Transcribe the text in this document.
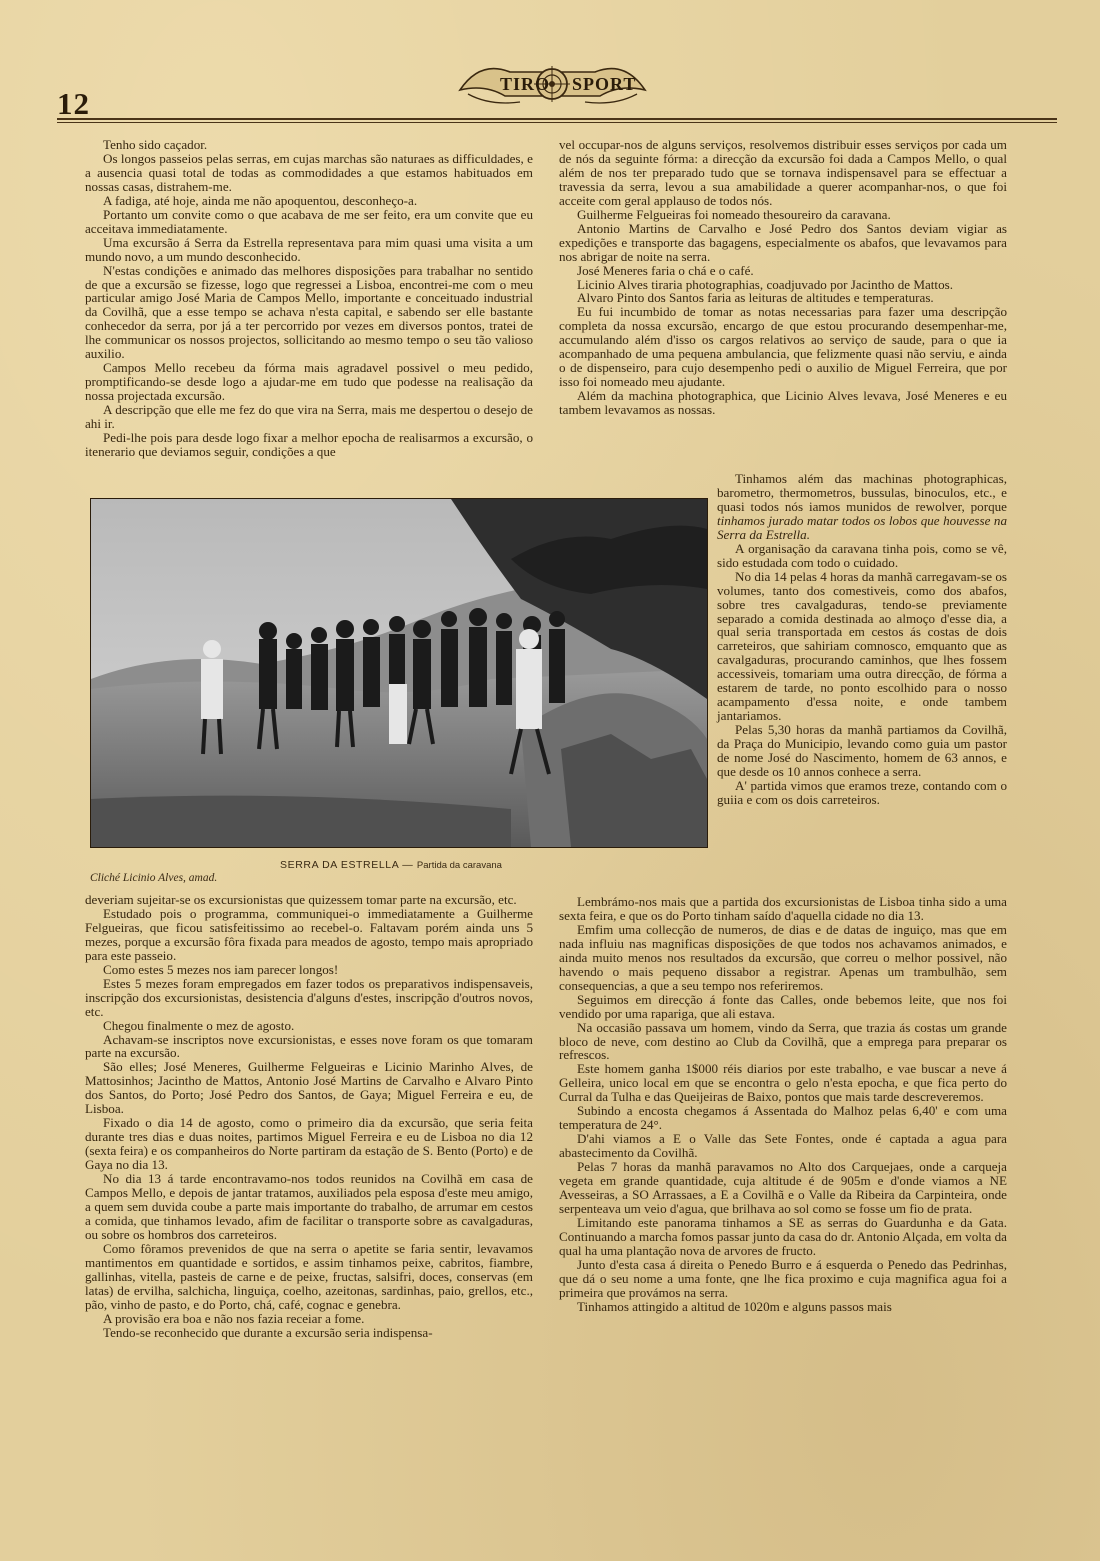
12
TIRO SPORT

Tenho sido caçador.

Os longos passeios pelas serras, em cujas marchas são naturaes as difficuldades, e a ausencia quasi total de todas as commodidades a que estamos habituados em nossas casas, distrahem-me.

A fadiga, até hoje, ainda me não apoquentou, desconheço-a.

Portanto um convite como o que acabava de me ser feito, era um convite que eu acceitava immediatamente.

Uma excursão á Serra da Estrella representava para mim quasi uma visita a um mundo novo, a um mundo desconhecido.

N'estas condições e animado das melhores disposições para trabalhar no sentido de que a excursão se fizesse, logo que regressei a Lisboa, encontrei-me com o meu particular amigo José Maria de Campos Mello, importante e conceituado industrial da Covilhã, que a esse tempo se achava n'esta capital, e sabendo ser elle bastante conhecedor da serra, por já a ter percorrido por vezes em diversos pontos, tratei de lhe communicar os nossos projectos, sollicitando ao mesmo tempo o seu tão valioso auxilio.

Campos Mello recebeu da fórma mais agradavel possivel o meu pedido, promptificando-se desde logo a ajudar-me em tudo que podesse na realisação da nossa projectada excursão.

A descripção que elle me fez do que vira na Serra, mais me despertou o desejo de ahi ir.

Pedi-lhe pois para desde logo fixar a melhor epocha de realisarmos a excursão, o itenerario que deviamos seguir, condições a que

SERRA DA ESTRELLA — Partida da caravana
Cliché Licinio Alves, amad.

deveriam sujeitar-se os excursionistas que quizessem tomar parte na excursão, etc.

Estudado pois o programma, communiquei-o immediatamente a Guilherme Felgueiras, que ficou satisfeitissimo ao recebel-o. Faltavam porém ainda uns 5 mezes, porque a excursão fôra fixada para meados de agosto, tempo mais apropriado para este passeio.

Como estes 5 mezes nos iam parecer longos!

Estes 5 mezes foram empregados em fazer todos os preparativos indispensaveis, inscripção dos excursionistas, desistencia d'alguns d'estes, inscripção d'outros novos, etc.

Chegou finalmente o mez de agosto.

Achavam-se inscriptos nove excursionistas, e esses nove foram os que tomaram parte na excursão.

São elles; José Meneres, Guilherme Felgueiras e Licinio Marinho Alves, de Mattosinhos; Jacintho de Mattos, Antonio José Martins de Carvalho e Alvaro Pinto dos Santos, do Porto; José Pedro dos Santos, de Gaya; Miguel Ferreira e eu, de Lisboa.

Fixado o dia 14 de agosto, como o primeiro dia da excursão, que seria feita durante tres dias e duas noites, partimos Miguel Ferreira e eu de Lisboa no dia 12 (sexta feira) e os companheiros do Norte partiram da estação de S. Bento (Porto) e de Gaya no dia 13.

No dia 13 á tarde encontravamo-nos todos reunidos na Covilhã em casa de Campos Mello, e depois de jantar tratamos, auxiliados pela esposa d'este meu amigo, a quem sem duvida coube a parte mais importante do trabalho, de arrumar em cestos a comida, que tinhamos levado, afim de facilitar o transporte sobre as cavalgaduras, ou sobre os hombros dos carreteiros.

Como fôramos prevenidos de que na serra o apetite se faria sentir, levavamos mantimentos em quantidade e sortidos, e assim tinhamos peixe, cabritos, fiambre, gallinhas, vitella, pasteis de carne e de peixe, fructas, salsifri, doces, conservas (em latas) de ervilha, salchicha, linguiça, coelho, azeitonas, sardinhas, paio, grellos, etc., pão, vinho de pasto, e do Porto, chá, café, cognac e genebra.

A provisão era boa e não nos fazia receiar a fome.

Tendo-se reconhecido que durante a excursão seria indispensa-

vel occupar-nos de alguns serviços, resolvemos distribuir esses serviços por cada um de nós da seguinte fórma: a direcção da excursão foi dada a Campos Mello, o qual além de nos ter preparado tudo que se tornava indispensavel para se effectuar a travessia da serra, levou a sua amabilidade a querer acompanhar-nos, o que foi acceite com geral applauso de todos nós.

Guilherme Felgueiras foi nomeado thesoureiro da caravana.

Antonio Martins de Carvalho e José Pedro dos Santos deviam vigiar as expedições e transporte das bagagens, especialmente os abafos, que levavamos para nos abrigar de noite na serra.

José Meneres faria o chá e o café.

Licinio Alves tiraria photographias, coadjuvado por Jacintho de Mattos.

Alvaro Pinto dos Santos faria as leituras de altitudes e temperaturas.

Eu fui incumbido de tomar as notas necessarias para fazer uma descripção completa da nossa excursão, encargo de que estou procurando desempenhar-me, accumulando além d'isso os cargos relativos ao serviço de saude, para o que ia acompanhado de uma pequena ambulancia, que felizmente quasi não serviu, e ainda o de dispenseiro, para cujo desempenho pedi o auxilio de Miguel Ferreira, que por isso foi nomeado meu ajudante.

Além da machina photographica, que Licinio Alves levava, José Meneres e eu tambem levavamos as nossas.

Tinhamos além das machinas photographicas, barometro, thermometros, bussulas, binoculos, etc., e quasi todos nós iamos munidos de rewolver, porque tinhamos jurado matar todos os lobos que houvesse na Serra da Estrella.

A organisação da caravana tinha pois, como se vê, sido estudada com todo o cuidado.

No dia 14 pelas 4 horas da manhã carregavam-se os volumes, tanto dos comestiveis, como dos abafos, sobre tres cavalgaduras, tendo-se previamente separado a comida destinada ao almoço d'esse dia, a qual seria transportada em cestos ás costas de dois carreteiros, que sahiriam comnosco, emquanto que as cavalgaduras, procurando caminhos, que lhes fossem accessiveis, tomariam uma outra direcção, de fórma a estarem de tarde, no ponto escolhido para o nosso acampamento d'essa noite, e onde tambem jantariamos.

Pelas 5,30 horas da manhã partiamos da Covilhã, da Praça do Municipio, levando como guia um pastor de nome José do Nascimento, homem de 63 annos, e que desde os 10 annos conhece a serra.

A' partida vimos que eramos treze, contando com o guiia e com os dois carreteiros.

Lembrámo-nos mais que a partida dos excursionistas de Lisboa tinha sido a uma sexta feira, e que os do Porto tinham saído d'aquella cidade no dia 13.

Emfim uma collecção de numeros, de dias e de datas de inguiço, mas que em nada influiu nas magnificas disposições de que todos nos achavamos animados, e ainda muito menos nos resultados da excursão, que correu o melhor possivel, não havendo o mais pequeno dissabor a registrar. Apenas um trambulhão, sem consequencias, a que a seu tempo nos referiremos.

Seguimos em direcção á fonte das Calles, onde bebemos leite, que nos foi vendido por uma rapariga, que ali estava.

Na occasião passava um homem, vindo da Serra, que trazia ás costas um grande bloco de neve, com destino ao Club da Covilhã, que a emprega para preparar os refrescos.

Este homem ganha 1$000 réis diarios por este trabalho, e vae buscar a neve á Gelleira, unico local em que se encontra o gelo n'esta epocha, e que fica perto do Curral da Tulha e das Queijeiras de Baixo, pontos que mais tarde descreveremos.

Subindo a encosta chegamos á Assentada do Malhoz pelas 6,40' e com uma temperatura de 24°.

D'ahi viamos a E o Valle das Sete Fontes, onde é captada a agua para abastecimento da Covilhã.

Pelas 7 horas da manhã paravamos no Alto dos Carquejaes, onde a carqueja vegeta em grande quantidade, cuja altitude é de 905m e d'onde viamos a NE Avesseiras, a SO Arrassaes, a E a Covilhã e o Valle da Ribeira da Carpinteira, onde serpenteava um veio d'agua, que brilhava ao sol como se fosse um fio de prata.

Limitando este panorama tinhamos a SE as serras do Guardunha e da Gata. Continuando a marcha fomos passar junto da casa do dr. Antonio Alçada, em volta da qual ha uma plantação nova de arvores de fructo.

Junto d'esta casa á direita o Penedo Burro e á esquerda o Penedo das Pedrinhas, que dá o seu nome a uma fonte, qne lhe fica proximo e cuja magnifica agua foi a primeira que provámos na serra.

Tinhamos attingido a altitud de 1020m e alguns passos mais
